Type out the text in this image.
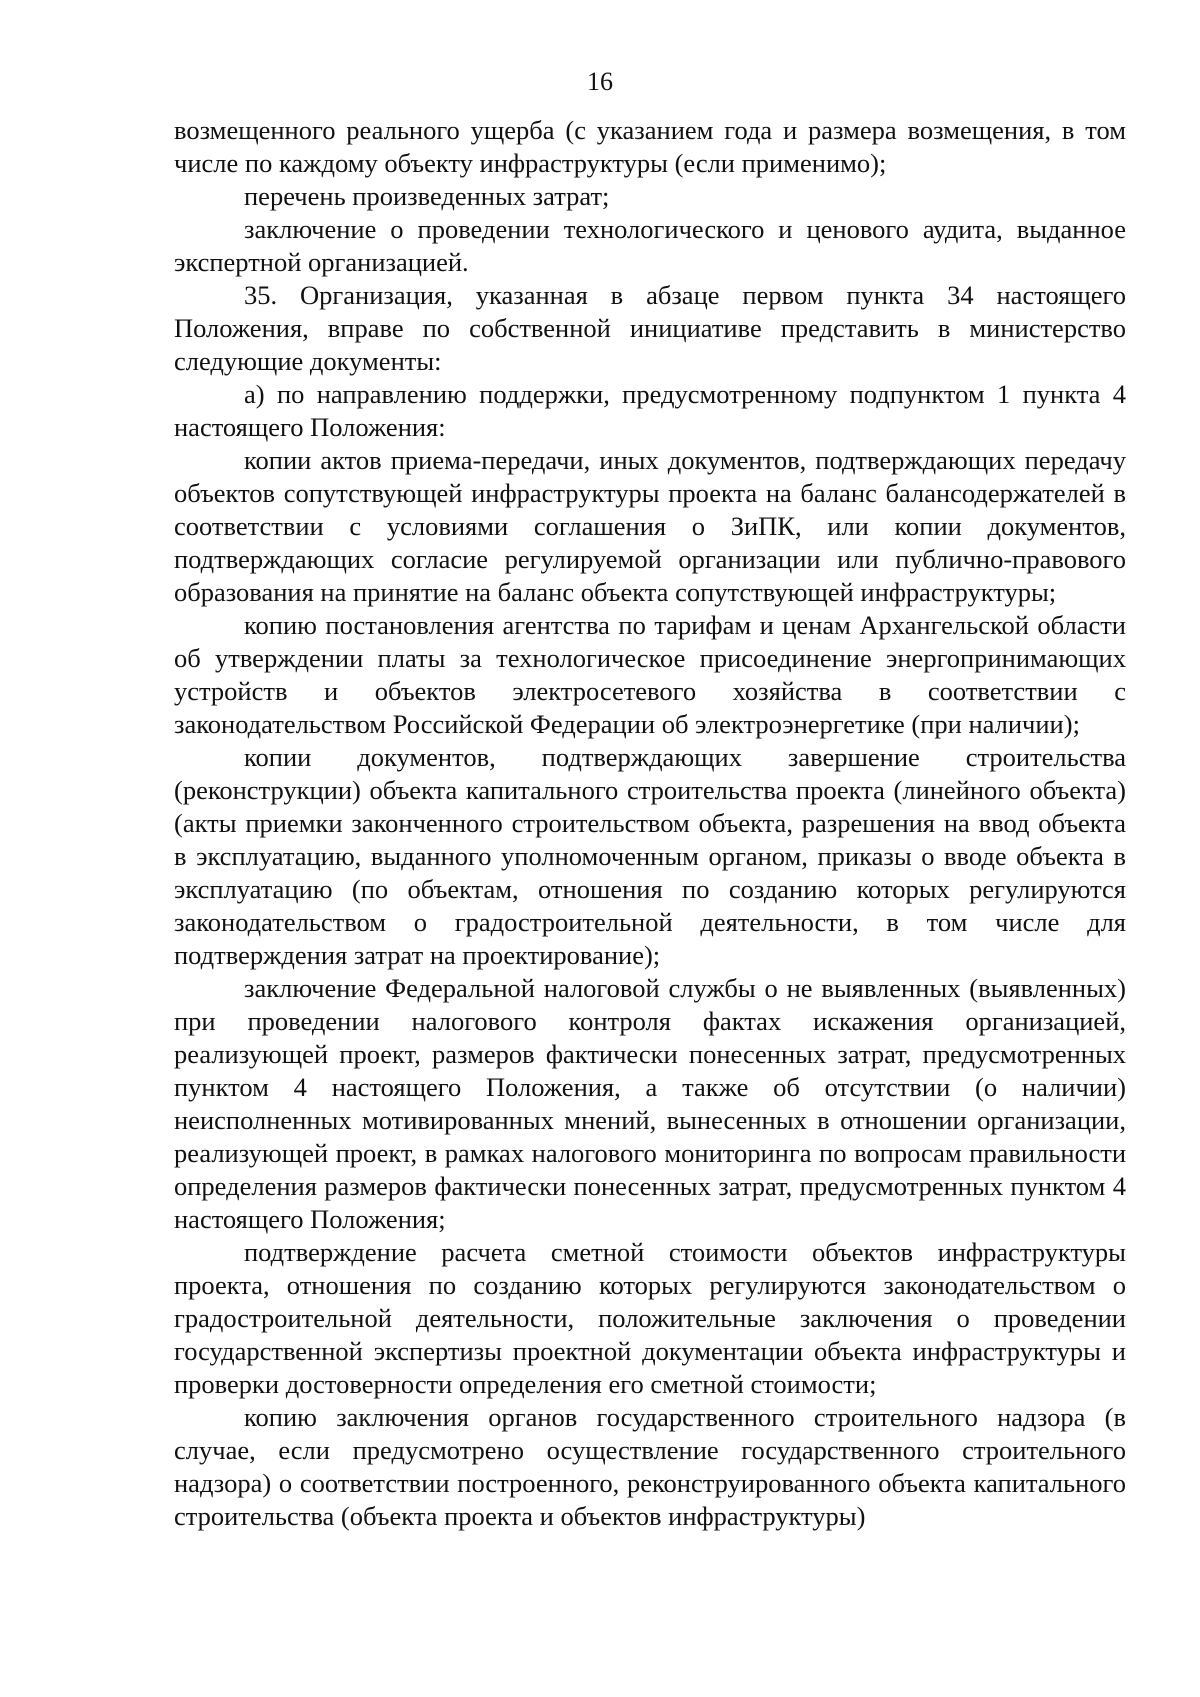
16

возмещенного реального ущерба (с указанием года и размера возмещения, в том числе по каждому объекту инфраструктуры (если применимо);

перечень произведенных затрат;

заключение о проведении технологического и ценового аудита, выданное экспертной организацией.

35. Организация, указанная в абзаце первом пункта 34 настоящего Положения, вправе по собственной инициативе представить в министерство следующие документы:

а) по направлению поддержки, предусмотренному подпунктом 1 пункта 4 настоящего Положения:

копии актов приема-передачи, иных документов, подтверждающих передачу объектов сопутствующей инфраструктуры проекта на баланс балансодержателей в соответствии с условиями соглашения о ЗиПК, или копии документов, подтверждающих согласие регулируемой организации или публично-правового образования на принятие на баланс объекта сопутствующей инфраструктуры;

копию постановления агентства по тарифам и ценам Архангельской области об утверждении платы за технологическое присоединение энергопринимающих устройств и объектов электросетевого хозяйства в соответствии с законодательством Российской Федерации об электроэнергетике (при наличии);

копии документов, подтверждающих завершение строительства (реконструкции) объекта капитального строительства проекта (линейного объекта) (акты приемки законченного строительством объекта, разрешения на ввод объекта в эксплуатацию, выданного уполномоченным органом, приказы о вводе объекта в эксплуатацию (по объектам, отношения по созданию которых регулируются законодательством о градостроительной деятельности, в том числе для подтверждения затрат на проектирование);

заключение Федеральной налоговой службы о не выявленных (выявленных) при проведении налогового контроля фактах искажения организацией, реализующей проект, размеров фактически понесенных затрат, предусмотренных пунктом 4 настоящего Положения, а также об отсутствии (о наличии) неисполненных мотивированных мнений, вынесенных в отношении организации, реализующей проект, в рамках налогового мониторинга по вопросам правильности определения размеров фактически понесенных затрат, предусмотренных пунктом 4 настоящего Положения;

подтверждение расчета сметной стоимости объектов инфраструктуры проекта, отношения по созданию которых регулируются законодательством о градостроительной деятельности, положительные заключения о проведении государственной экспертизы проектной документации объекта инфраструктуры и проверки достоверности определения его сметной стоимости;

копию заключения органов государственного строительного надзора (в случае, если предусмотрено осуществление государственного строительного надзора) о соответствии построенного, реконструированного объекта капитального строительства (объекта проекта и объектов инфраструктуры)
